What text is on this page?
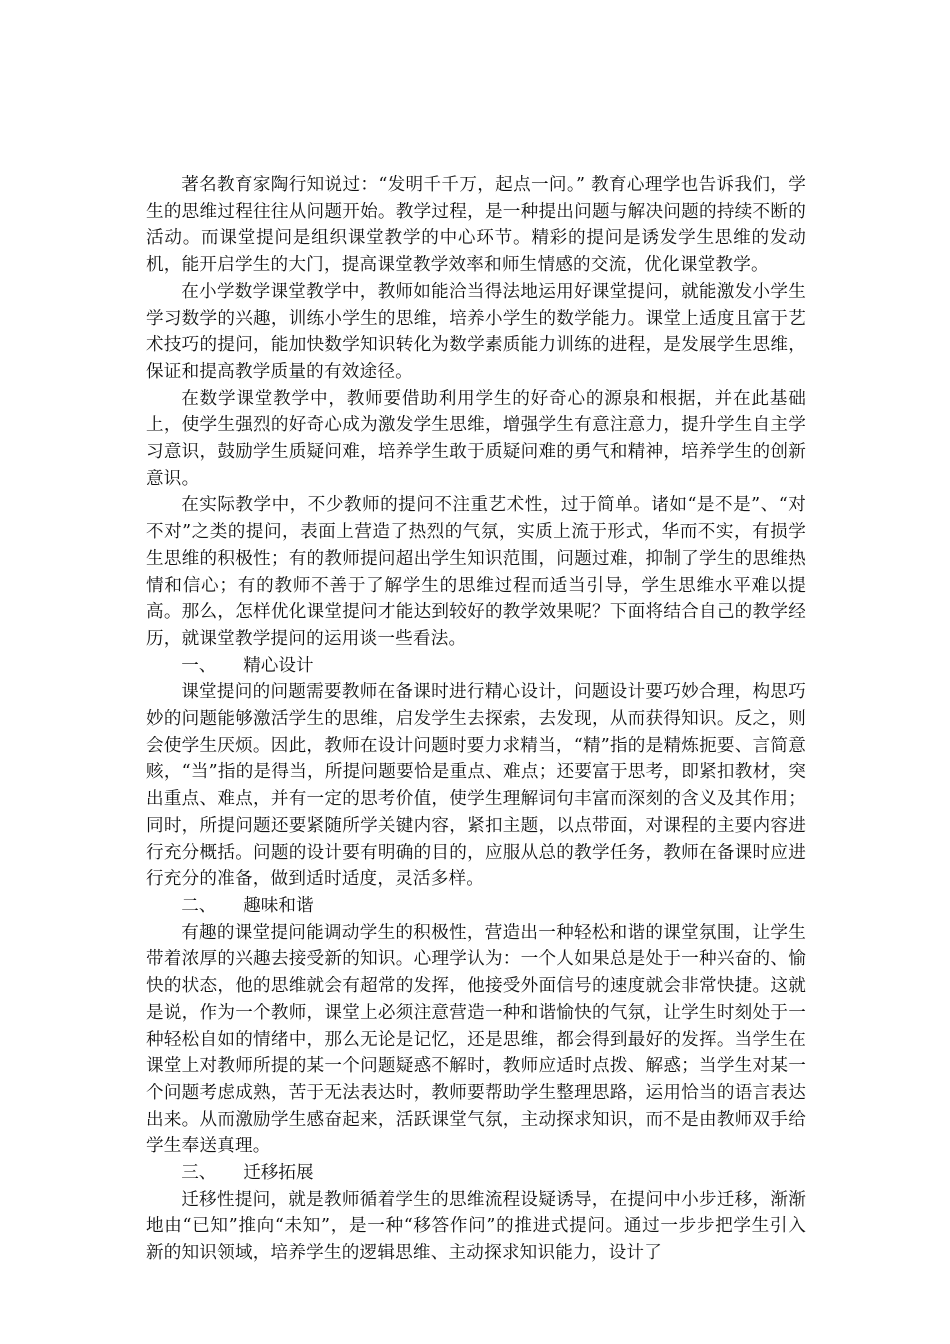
著名教育家陶行知说过：“发明千千万，起点一问。” 教育心理学也告诉我们，学生的思维过程往往从问题开始。教学过程，是一种提出问题与解决问题的持续不断的活动。而课堂提问是组织课堂教学的中心环节。精彩的提问是诱发学生思维的发动机，能开启学生的大门，提高课堂教学效率和师生情感的交流，优化课堂教学。

在小学数学课堂教学中，教师如能洽当得法地运用好课堂提问，就能激发小学生学习数学的兴趣，训练小学生的思维，培养小学生的数学能力。课堂上适度且富于艺术技巧的提问，能加快数学知识转化为数学素质能力训练的进程，是发展学生思维，保证和提高教学质量的有效途径。

在数学课堂教学中，教师要借助利用学生的好奇心的源泉和根据，并在此基础上，使学生强烈的好奇心成为激发学生思维，增强学生有意注意力，提升学生自主学习意识，鼓励学生质疑问难，培养学生敢于质疑问难的勇气和精神，培养学生的创新意识。

在实际教学中，不少教师的提问不注重艺术性，过于简单。诸如“是不是”、“对不对”之类的提问，表面上营造了热烈的气氛，实质上流于形式，华而不实，有损学生思维的积极性；有的教师提问超出学生知识范围，问题过难，抑制了学生的思维热情和信心；有的教师不善于了解学生的思维过程而适当引导，学生思维水平难以提高。那么，怎样优化课堂提问才能达到较好的教学效果呢？下面将结合自己的教学经历，就课堂教学提问的运用谈一些看法。

一、 精心设计

课堂提问的问题需要教师在备课时进行精心设计，问题设计要巧妙合理，构思巧妙的问题能够激活学生的思维，启发学生去探索，去发现，从而获得知识。反之，则会使学生厌烦。因此，教师在设计问题时要力求精当，“精”指的是精炼扼要、言简意赅，“当”指的是得当，所提问题要恰是重点、难点；还要富于思考，即紧扣教材，突出重点、难点，并有一定的思考价值，使学生理解词句丰富而深刻的含义及其作用；同时，所提问题还要紧随所学关键内容，紧扣主题，以点带面，对课程的主要内容进行充分概括。问题的设计要有明确的目的，应服从总的教学任务，教师在备课时应进行充分的准备，做到适时适度，灵活多样。

二、 趣味和谐

有趣的课堂提问能调动学生的积极性，营造出一种轻松和谐的课堂氛围，让学生带着浓厚的兴趣去接受新的知识。心理学认为：一个人如果总是处于一种兴奋的、愉快的状态，他的思维就会有超常的发挥，他接受外面信号的速度就会非常快捷。这就是说，作为一个教师，课堂上必须注意营造一种和谐愉快的气氛，让学生时刻处于一种轻松自如的情绪中，那么无论是记忆，还是思维，都会得到最好的发挥。当学生在课堂上对教师所提的某一个问题疑惑不解时，教师应适时点拨、解惑；当学生对某一个问题考虑成熟，苦于无法表达时，教师要帮助学生整理思路，运用恰当的语言表达出来。从而激励学生感奋起来，活跃课堂气氛，主动探求知识，而不是由教师双手给学生奉送真理。

三、 迁移拓展

迁移性提问，就是教师循着学生的思维流程设疑诱导，在提问中小步迁移，渐渐地由“已知”推向“未知”，是一种“移答作问”的推进式提问。通过一步步把学生引入新的知识领域，培养学生的逻辑思维、主动探求知识能力，设计了
